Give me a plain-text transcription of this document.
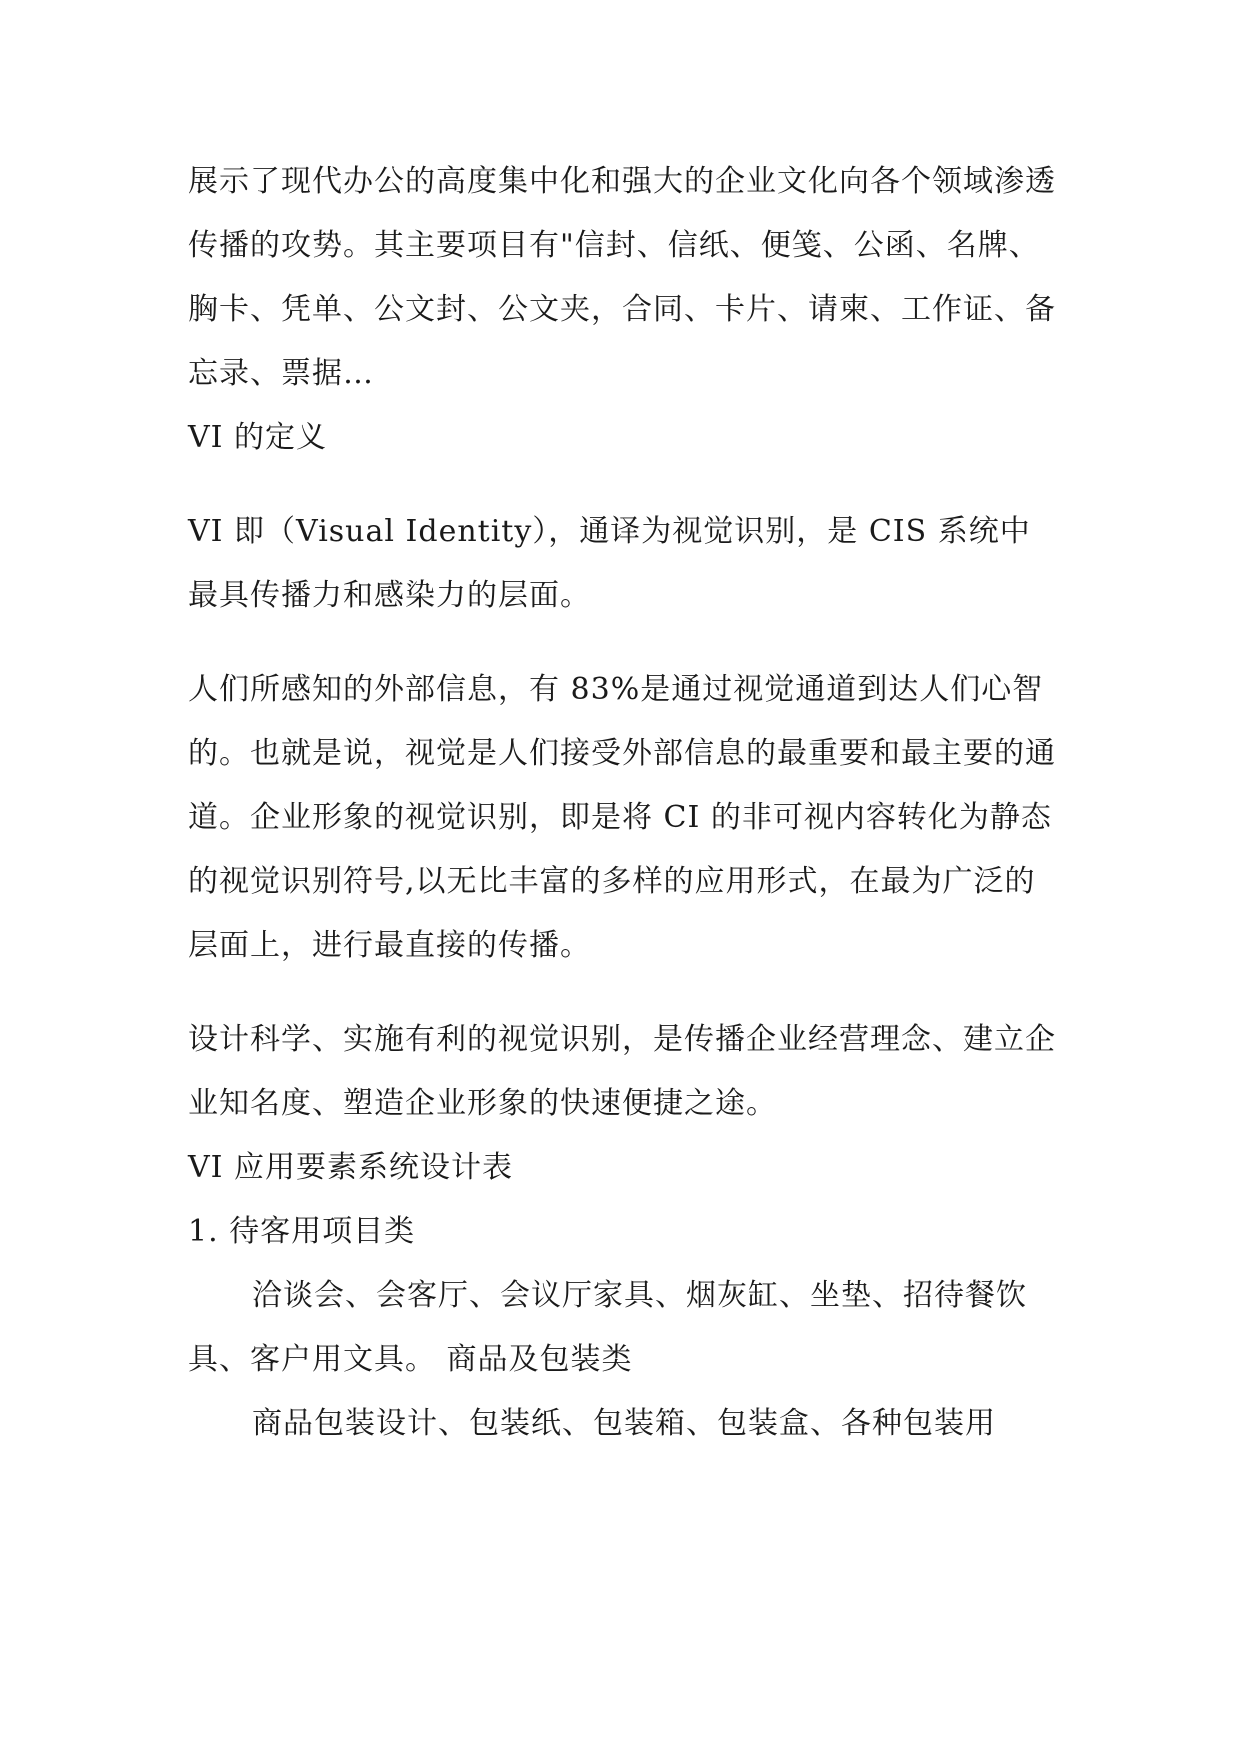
展示了现代办公的高度集中化和强大的企业文化向各个领域渗透传播的攻势。其主要项目有"信封、信纸、便笺、公函、名牌、胸卡、凭单、公文封、公文夹，合同、卡片、请柬、工作证、备忘录、票据…

VI 的定义

VI 即（Visual Identity），通译为视觉识别，是 CIS 系统中最具传播力和感染力的层面。

人们所感知的外部信息，有 83%是通过视觉通道到达人们心智的。也就是说，视觉是人们接受外部信息的最重要和最主要的通道。企业形象的视觉识别，即是将 CI 的非可视内容转化为静态的视觉识别符号,以无比丰富的多样的应用形式，在最为广泛的层面上，进行最直接的传播。

设计科学、实施有利的视觉识别，是传播企业经营理念、建立企业知名度、塑造企业形象的快速便捷之途。

VI 应用要素系统设计表

1. 待客用项目类

洽谈会、会客厅、会议厅家具、烟灰缸、坐垫、招待餐饮具、客户用文具。 商品及包装类

商品包装设计、包装纸、包装箱、包装盒、各种包装用
